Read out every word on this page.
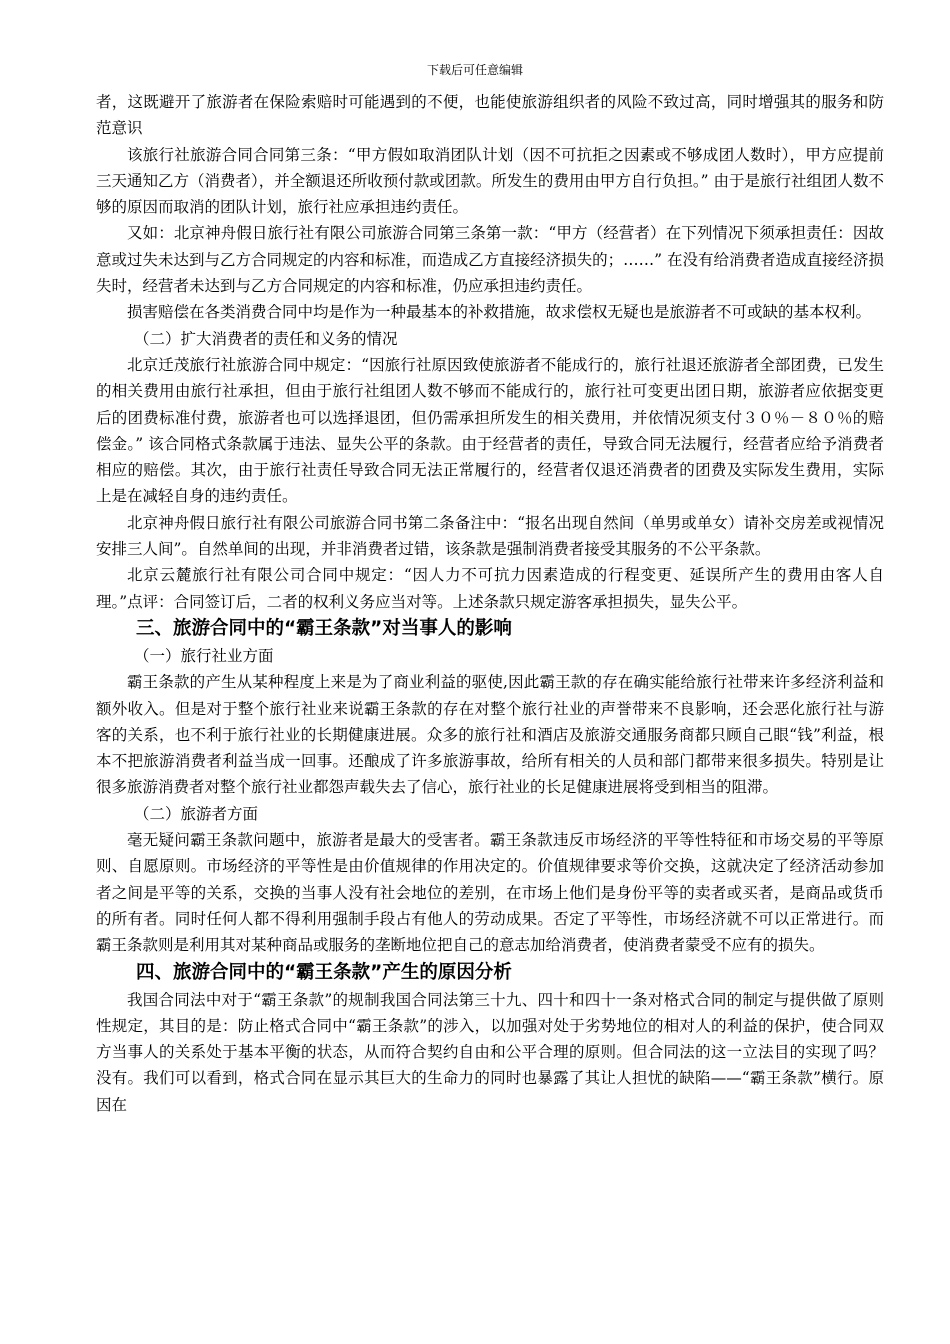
下载后可任意编辑

者，这既避开了旅游者在保险索赔时可能遇到的不便，也能使旅游组织者的风险不致过高，同时增强其的服务和防范意识

该旅行社旅游合同合同第三条：“甲方假如取消团队计划（因不可抗拒之因素或不够成团人数时），甲方应提前三天通知乙方（消费者），并全额退还所收预付款或团款。所发生的费用由甲方自行负担。” 由于是旅行社组团人数不够的原因而取消的团队计划，旅行社应承担违约责任。

又如：北京神舟假日旅行社有限公司旅游合同第三条第一款：“甲方（经营者）在下列情况下须承担责任：因故意或过失未达到与乙方合同规定的内容和标准，而造成乙方直接经济损失的；……” 在没有给消费者造成直接经济损失时，经营者未达到与乙方合同规定的内容和标准，仍应承担违约责任。

损害赔偿在各类消费合同中均是作为一种最基本的补救措施，故求偿权无疑也是旅游者不可或缺的基本权利。

（二）扩大消费者的责任和义务的情况

北京迁茂旅行社旅游合同中规定：“因旅行社原因致使旅游者不能成行的，旅行社退还旅游者全部团费，已发生的相关费用由旅行社承担，但由于旅行社组团人数不够而不能成行的，旅行社可变更出团日期，旅游者应依据变更后的团费标准付费，旅游者也可以选择退团，但仍需承担所发生的相关费用，并依情况须支付３０％－８０％的赔偿金。” 该合同格式条款属于违法、显失公平的条款。由于经营者的责任，导致合同无法履行，经营者应给予消费者相应的赔偿。其次，由于旅行社责任导致合同无法正常履行的，经营者仅退还消费者的团费及实际发生费用，实际上是在减轻自身的违约责任。

北京神舟假日旅行社有限公司旅游合同书第二条备注中：“报名出现自然间（单男或单女）请补交房差或视情况安排三人间”。自然单间的出现，并非消费者过错，该条款是强制消费者接受其服务的不公平条款。

北京云麓旅行社有限公司合同中规定：“因人力不可抗力因素造成的行程变更、延误所产生的费用由客人自理。”点评：合同签订后，二者的权利义务应当对等。上述条款只规定游客承担损失，显失公平。

三、旅游合同中的“霸王条款”对当事人的影响

（一）旅行社业方面

霸王条款的产生从某种程度上来是为了商业利益的驱使,因此霸王款的存在确实能给旅行社带来许多经济利益和额外收入。但是对于整个旅行社业来说霸王条款的存在对整个旅行社业的声誉带来不良影响，还会恶化旅行社与游客的关系，也不利于旅行社业的长期健康进展。众多的旅行社和酒店及旅游交通服务商都只顾自己眼“钱”利益，根本不把旅游消费者利益当成一回事。还酿成了许多旅游事故，给所有相关的人员和部门都带来很多损失。特别是让很多旅游消费者对整个旅行社业都怨声载失去了信心，旅行社业的长足健康进展将受到相当的阻滞。

（二）旅游者方面

毫无疑问霸王条款问题中，旅游者是最大的受害者。霸王条款违反市场经济的平等性特征和市场交易的平等原则、自愿原则。市场经济的平等性是由价值规律的作用决定的。价值规律要求等价交换，这就决定了经济活动参加者之间是平等的关系，交换的当事人没有社会地位的差别，在市场上他们是身份平等的卖者或买者，是商品或货币的所有者。同时任何人都不得利用强制手段占有他人的劳动成果。否定了平等性，市场经济就不可以正常进行。而霸王条款则是利用其对某种商品或服务的垄断地位把自己的意志加给消费者，使消费者蒙受不应有的损失。

四、旅游合同中的“霸王条款”产生的原因分析

我国合同法中对于“霸王条款”的规制我国合同法第三十九、四十和四十一条对格式合同的制定与提供做了原则性规定，其目的是：防止格式合同中“霸王条款”的涉入，以加强对处于劣势地位的相对人的利益的保护，使合同双方当事人的关系处于基本平衡的状态，从而符合契约自由和公平合理的原则。但合同法的这一立法目的实现了吗？没有。我们可以看到，格式合同在显示其巨大的生命力的同时也暴露了其让人担忧的缺陷——“霸王条款”横行。原因在
